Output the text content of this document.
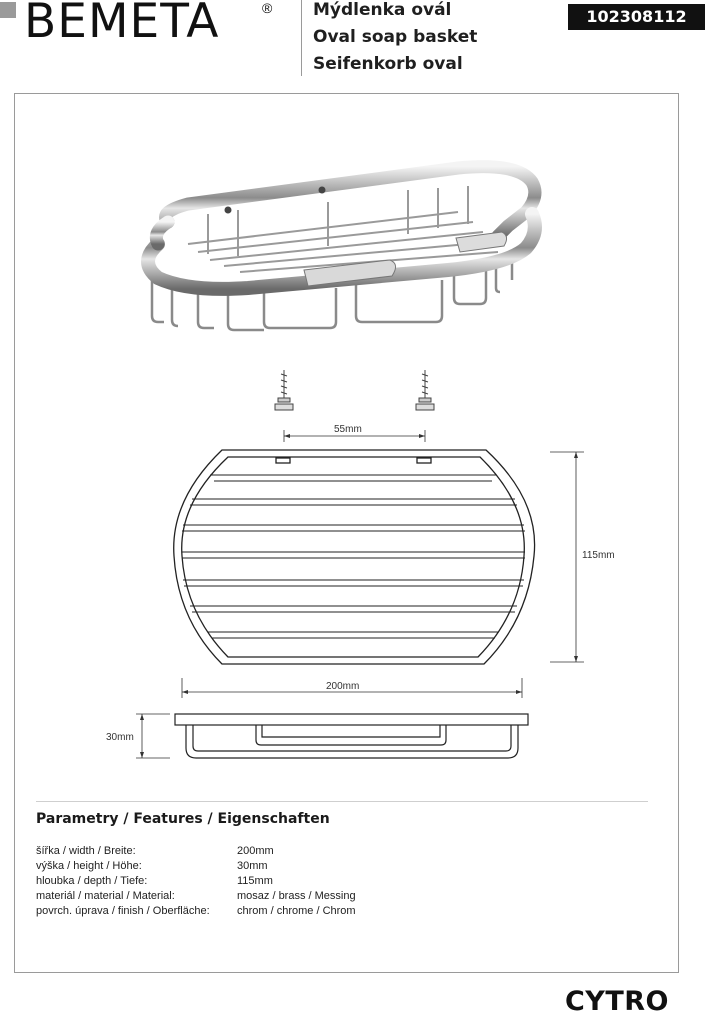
BEMETA	® Mýdlenka ovál
Oval soap basket
Seifenkorb oval
102308112
55mm
115mm
200mm
30mm
Parametry / Features / Eigenschaften
šířka / width / Breite:	200mm
výška / height / Höhe:	30mm
hloubka / depth / Tiefe:	115mm
materiál / material / Material:	mosaz / brass / Messing
povrch. úprava / finish / Oberfläche:	chrom / chrome / Chrom
CYTRO
